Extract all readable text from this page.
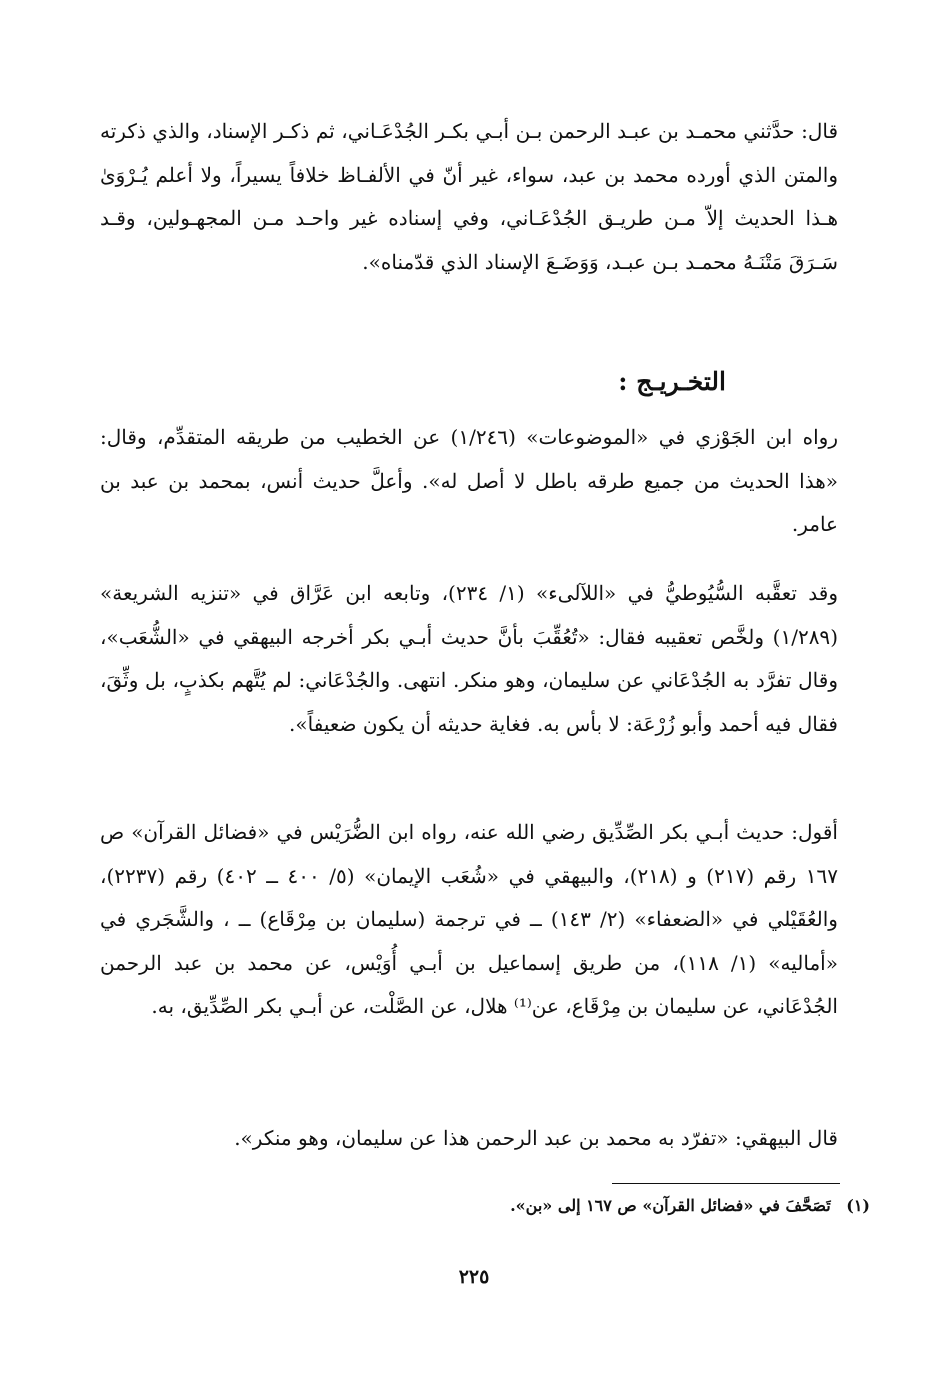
قال: حدَّثني محمـد بن عبـد الرحمن بـن أبـي بكـر الجُدْعَـاني، ثم ذكـر الإسناد، والذي ذكرته والمتن الذي أورده محمد بن عبد، سواء، غير أنّ في الألفـاظ خلافاً يسيراً، ولا أعلم يُـرْوَىٰ هـذا الحديث إلاّ مـن طريـق الجُدْعَـاني، وفي إسناده غير واحـد مـن المجهـولين، وقـد سَـرَقَ مَتْنَـهُ محمـد بـن عبـد، وَوَضَـعَ الإسناد الذي قدّمناه».

التخـريـج :

رواه ابن الجَوْزي في «الموضوعات» (١/٢٤٦) عن الخطيب من طريقه المتقدِّم، وقال: «هذا الحديث من جميع طرقه باطل لا أصل له». وأعلَّ حديث أنس، بمحمد بن عبد بن عامر.

وقد تعقَّبه السُّيُوطيُّ في «اللآلىء» (١/ ٢٣٤)، وتابعه ابن عَرَّاق في «تنزيه الشريعة» (١/٢٨٩) ولخَّص تعقيبه فقال: «تُعُقِّبَ بأنَّ حديث أبـي بكر أخرجه البيهقي في «الشُّعَب»، وقال تفرَّد به الجُدْعَاني عن سليمان، وهو منكر. انتهى. والجُدْعَاني: لم يُتَّهم بكذبٍ، بل وثِّقَ، فقال فيه أحمد وأبو زُرْعَة: لا بأس به. فغاية حديثه أن يكون ضعيفاً».

أقول: حديث أبـي بكر الصِّدِّيق رضي الله عنه، رواه ابن الضُّرَيْس في «فضائل القرآن» ص ١٦٧ رقم (٢١٧) و (٢١٨)، والبيهقي في «شُعَب الإيمان» (٥/ ٤٠٠ ــ ٤٠٢) رقم (٢٢٣٧)، والعُقَيْلي في «الضعفاء» (٢/ ١٤٣) ــ في ترجمة (سليمان بن مِرْقَاع) ــ ، والشَّجَري في «أماليه» (١/ ١١٨)، من طريق إسماعيل بن أبـي أُوَيْس، عن محمد بن عبد الرحمن الجُدْعَاني، عن سليمان بن مِرْقَاع، عن⁽¹⁾ هلال، عن الصَّلْت، عن أبـي بكر الصِّدِّيق، به.

قال البيهقي: «تفرّد به محمد بن عبد الرحمن هذا عن سليمان، وهو منكر».

(١) تَصَحَّفَ في «فضائل القرآن» ص ١٦٧ إلى «بن».
٢٢٥
